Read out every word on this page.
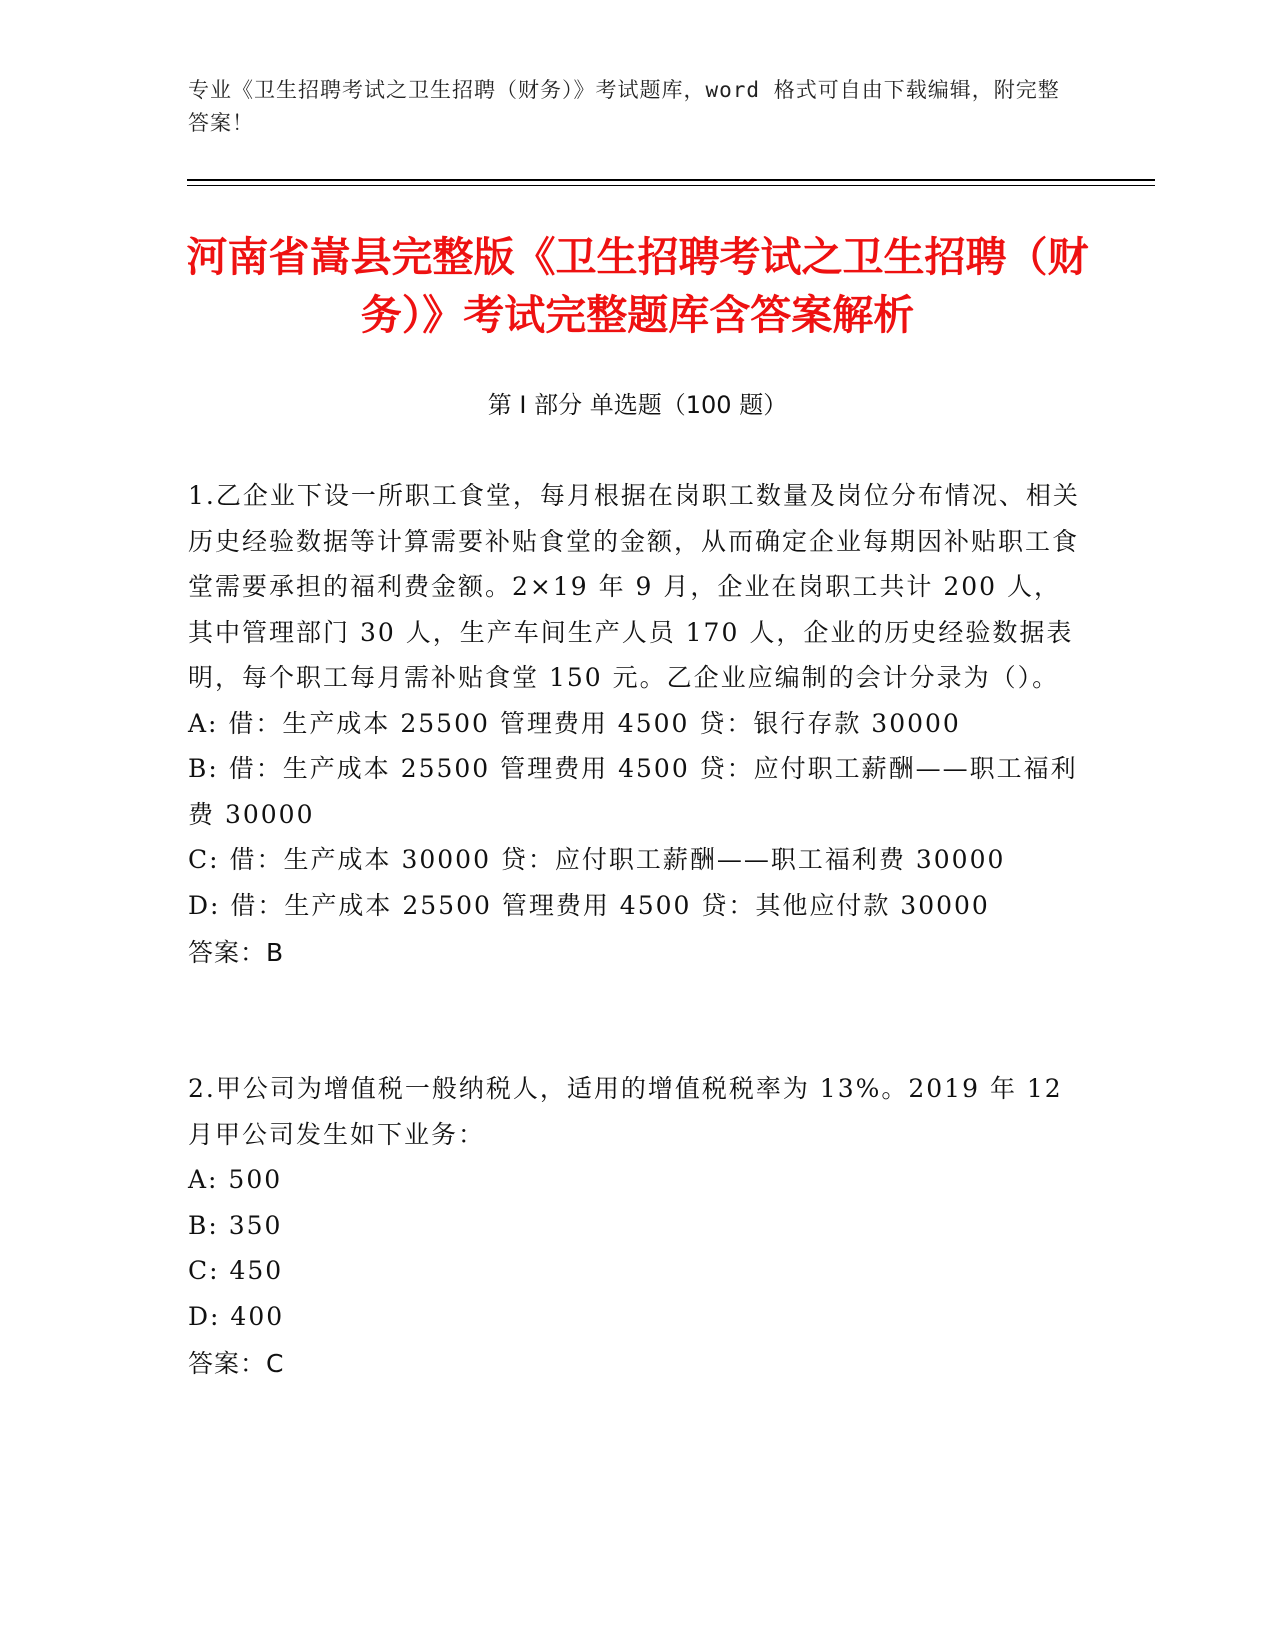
专业《卫生招聘考试之卫生招聘（财务）》考试题库，word 格式可自由下载编辑，附完整答案！
河南省嵩县完整版《卫生招聘考试之卫生招聘（财务）》考试完整题库含答案解析
第 I 部分 单选题（100 题）
1.乙企业下设一所职工食堂，每月根据在岗职工数量及岗位分布情况、相关历史经验数据等计算需要补贴食堂的金额，从而确定企业每期因补贴职工食堂需要承担的福利费金额。2×19 年 9 月，企业在岗职工共计 200 人，其中管理部门 30 人，生产车间生产人员 170 人，企业的历史经验数据表明，每个职工每月需补贴食堂 150 元。乙企业应编制的会计分录为（）。
A: 借：生产成本 25500 管理费用 4500 贷：银行存款 30000
B: 借：生产成本 25500 管理费用 4500 贷：应付职工薪酬——职工福利费 30000
C: 借：生产成本 30000 贷：应付职工薪酬——职工福利费 30000
D: 借：生产成本 25500 管理费用 4500 贷：其他应付款 30000
答案：B
2.甲公司为增值税一般纳税人，适用的增值税税率为 13%。2019 年 12 月甲公司发生如下业务：
A: 500
B: 350
C: 450
D: 400
答案：C
